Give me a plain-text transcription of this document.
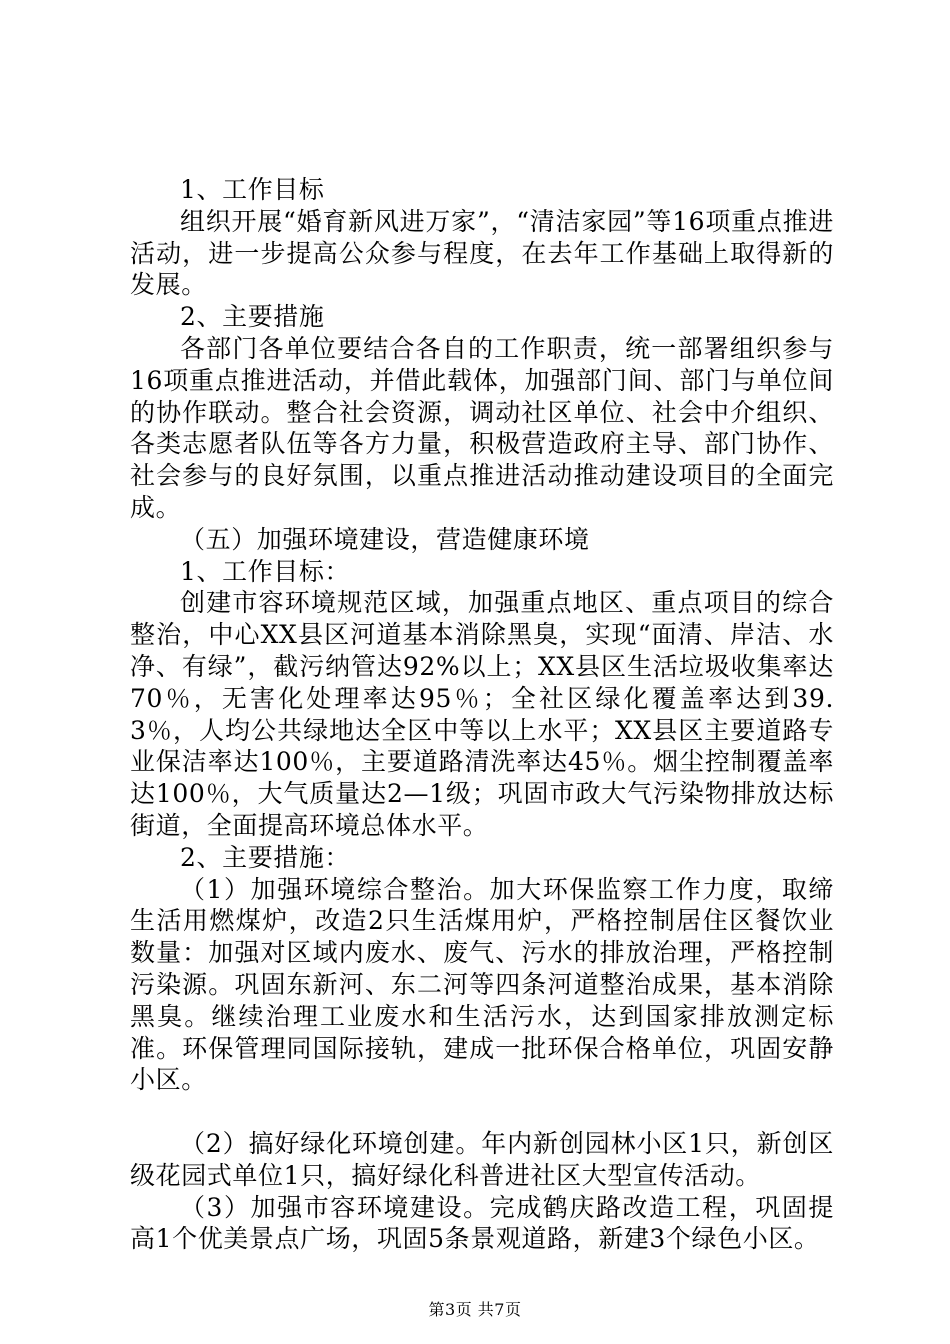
1、工作目标

组织开展“婚育新风进万家”，“清洁家园”等16项重点推进活动，进一步提高公众参与程度，在去年工作基础上取得新的发展。

2、主要措施

各部门各单位要结合各自的工作职责，统一部署组织参与16项重点推进活动，并借此载体，加强部门间、部门与单位间的协作联动。整合社会资源，调动社区单位、社会中介组织、各类志愿者队伍等各方力量，积极营造政府主导、部门协作、社会参与的良好氛围，以重点推进活动推动建设项目的全面完成。

（五）加强环境建设，营造健康环境

1、工作目标：

创建市容环境规范区域，加强重点地区、重点项目的综合整治，中心XX县区河道基本消除黑臭，实现“面清、岸洁、水净、有绿”，截污纳管达92%以上；XX县区生活垃圾收集率达70％，无害化处理率达95％；全社区绿化覆盖率达到39.3％，人均公共绿地达全区中等以上水平；XX县区主要道路专业保洁率达100％，主要道路清洗率达45％。烟尘控制覆盖率达100％，大气质量达2—1级；巩固市政大气污染物排放达标街道，全面提高环境总体水平。

2、主要措施：

（1）加强环境综合整治。加大环保监察工作力度，取缔生活用燃煤炉，改造2只生活煤用炉，严格控制居住区餐饮业数量：加强对区域内废水、废气、污水的排放治理，严格控制污染源。巩固东新河、东二河等四条河道整治成果，基本消除黑臭。继续治理工业废水和生活污水，达到国家排放测定标准。环保管理同国际接轨，建成一批环保合格单位，巩固安静小区。

（2）搞好绿化环境创建。年内新创园林小区1只，新创区级花园式单位1只，搞好绿化科普进社区大型宣传活动。

（3）加强市容环境建设。完成鹤庆路改造工程，巩固提高1个优美景点广场，巩固5条景观道路，新建3个绿色小区。

第3页 共7页
